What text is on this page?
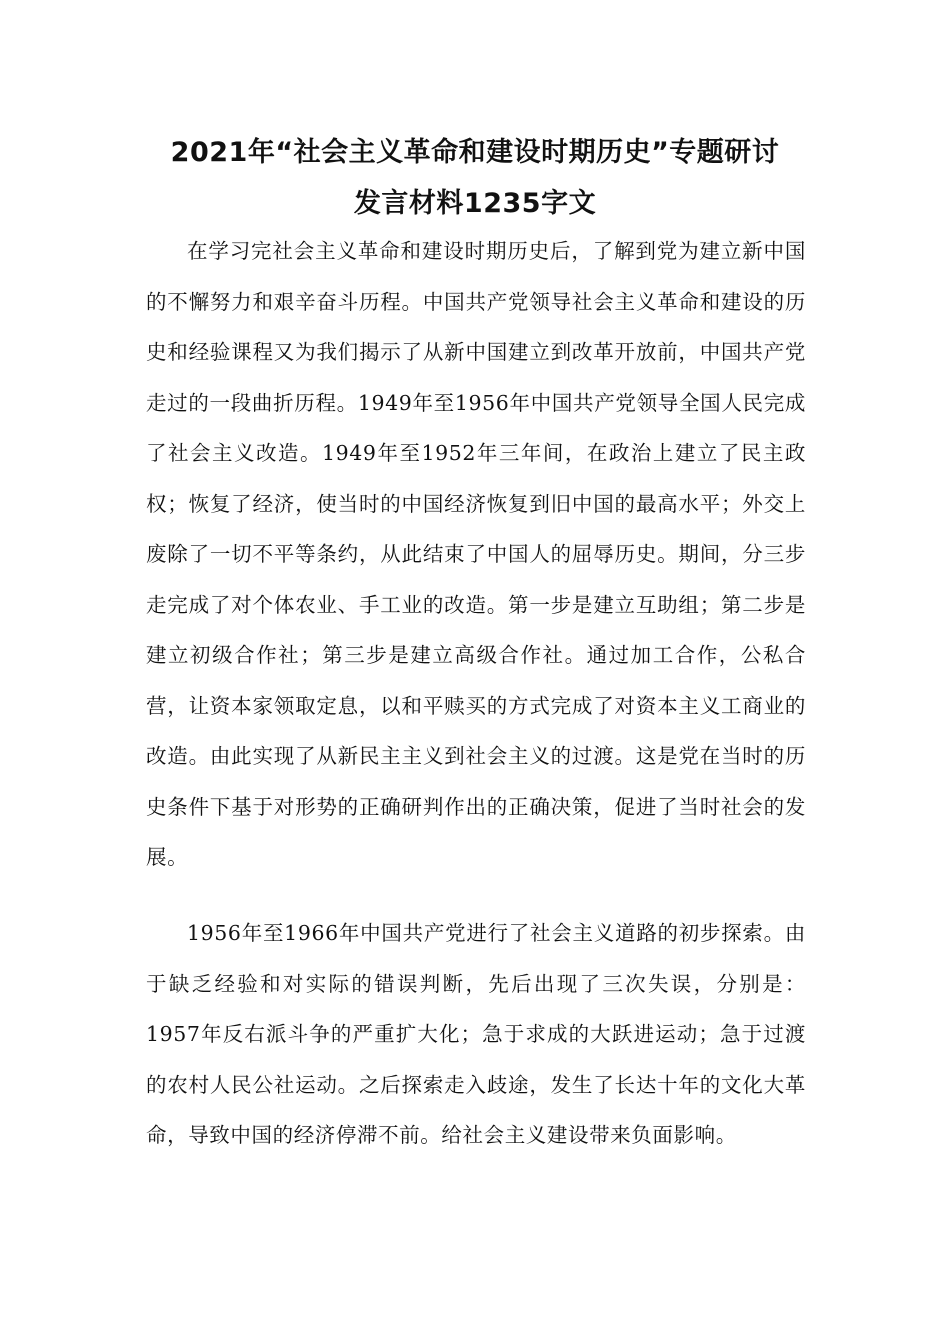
2021年“社会主义革命和建设时期历史”专题研讨
发言材料1235字文

在学习完社会主义革命和建设时期历史后，了解到党为建立新中国的不懈努力和艰辛奋斗历程。中国共产党领导社会主义革命和建设的历史和经验课程又为我们揭示了从新中国建立到改革开放前，中国共产党走过的一段曲折历程。1949年至1956年中国共产党领导全国人民完成了社会主义改造。1949年至1952年三年间，在政治上建立了民主政权；恢复了经济，使当时的中国经济恢复到旧中国的最高水平；外交上废除了一切不平等条约，从此结束了中国人的屈辱历史。期间，分三步走完成了对个体农业、手工业的改造。第一步是建立互助组；第二步是建立初级合作社；第三步是建立高级合作社。通过加工合作，公私合营，让资本家领取定息，以和平赎买的方式完成了对资本主义工商业的改造。由此实现了从新民主主义到社会主义的过渡。这是党在当时的历史条件下基于对形势的正确研判作出的正确决策，促进了当时社会的发展。

1956年至1966年中国共产党进行了社会主义道路的初步探索。由于缺乏经验和对实际的错误判断，先后出现了三次失误，分别是：1957年反右派斗争的严重扩大化；急于求成的大跃进运动；急于过渡的农村人民公社运动。之后探索走入歧途，发生了长达十年的文化大革命，导致中国的经济停滞不前。给社会主义建设带来负面影响。
